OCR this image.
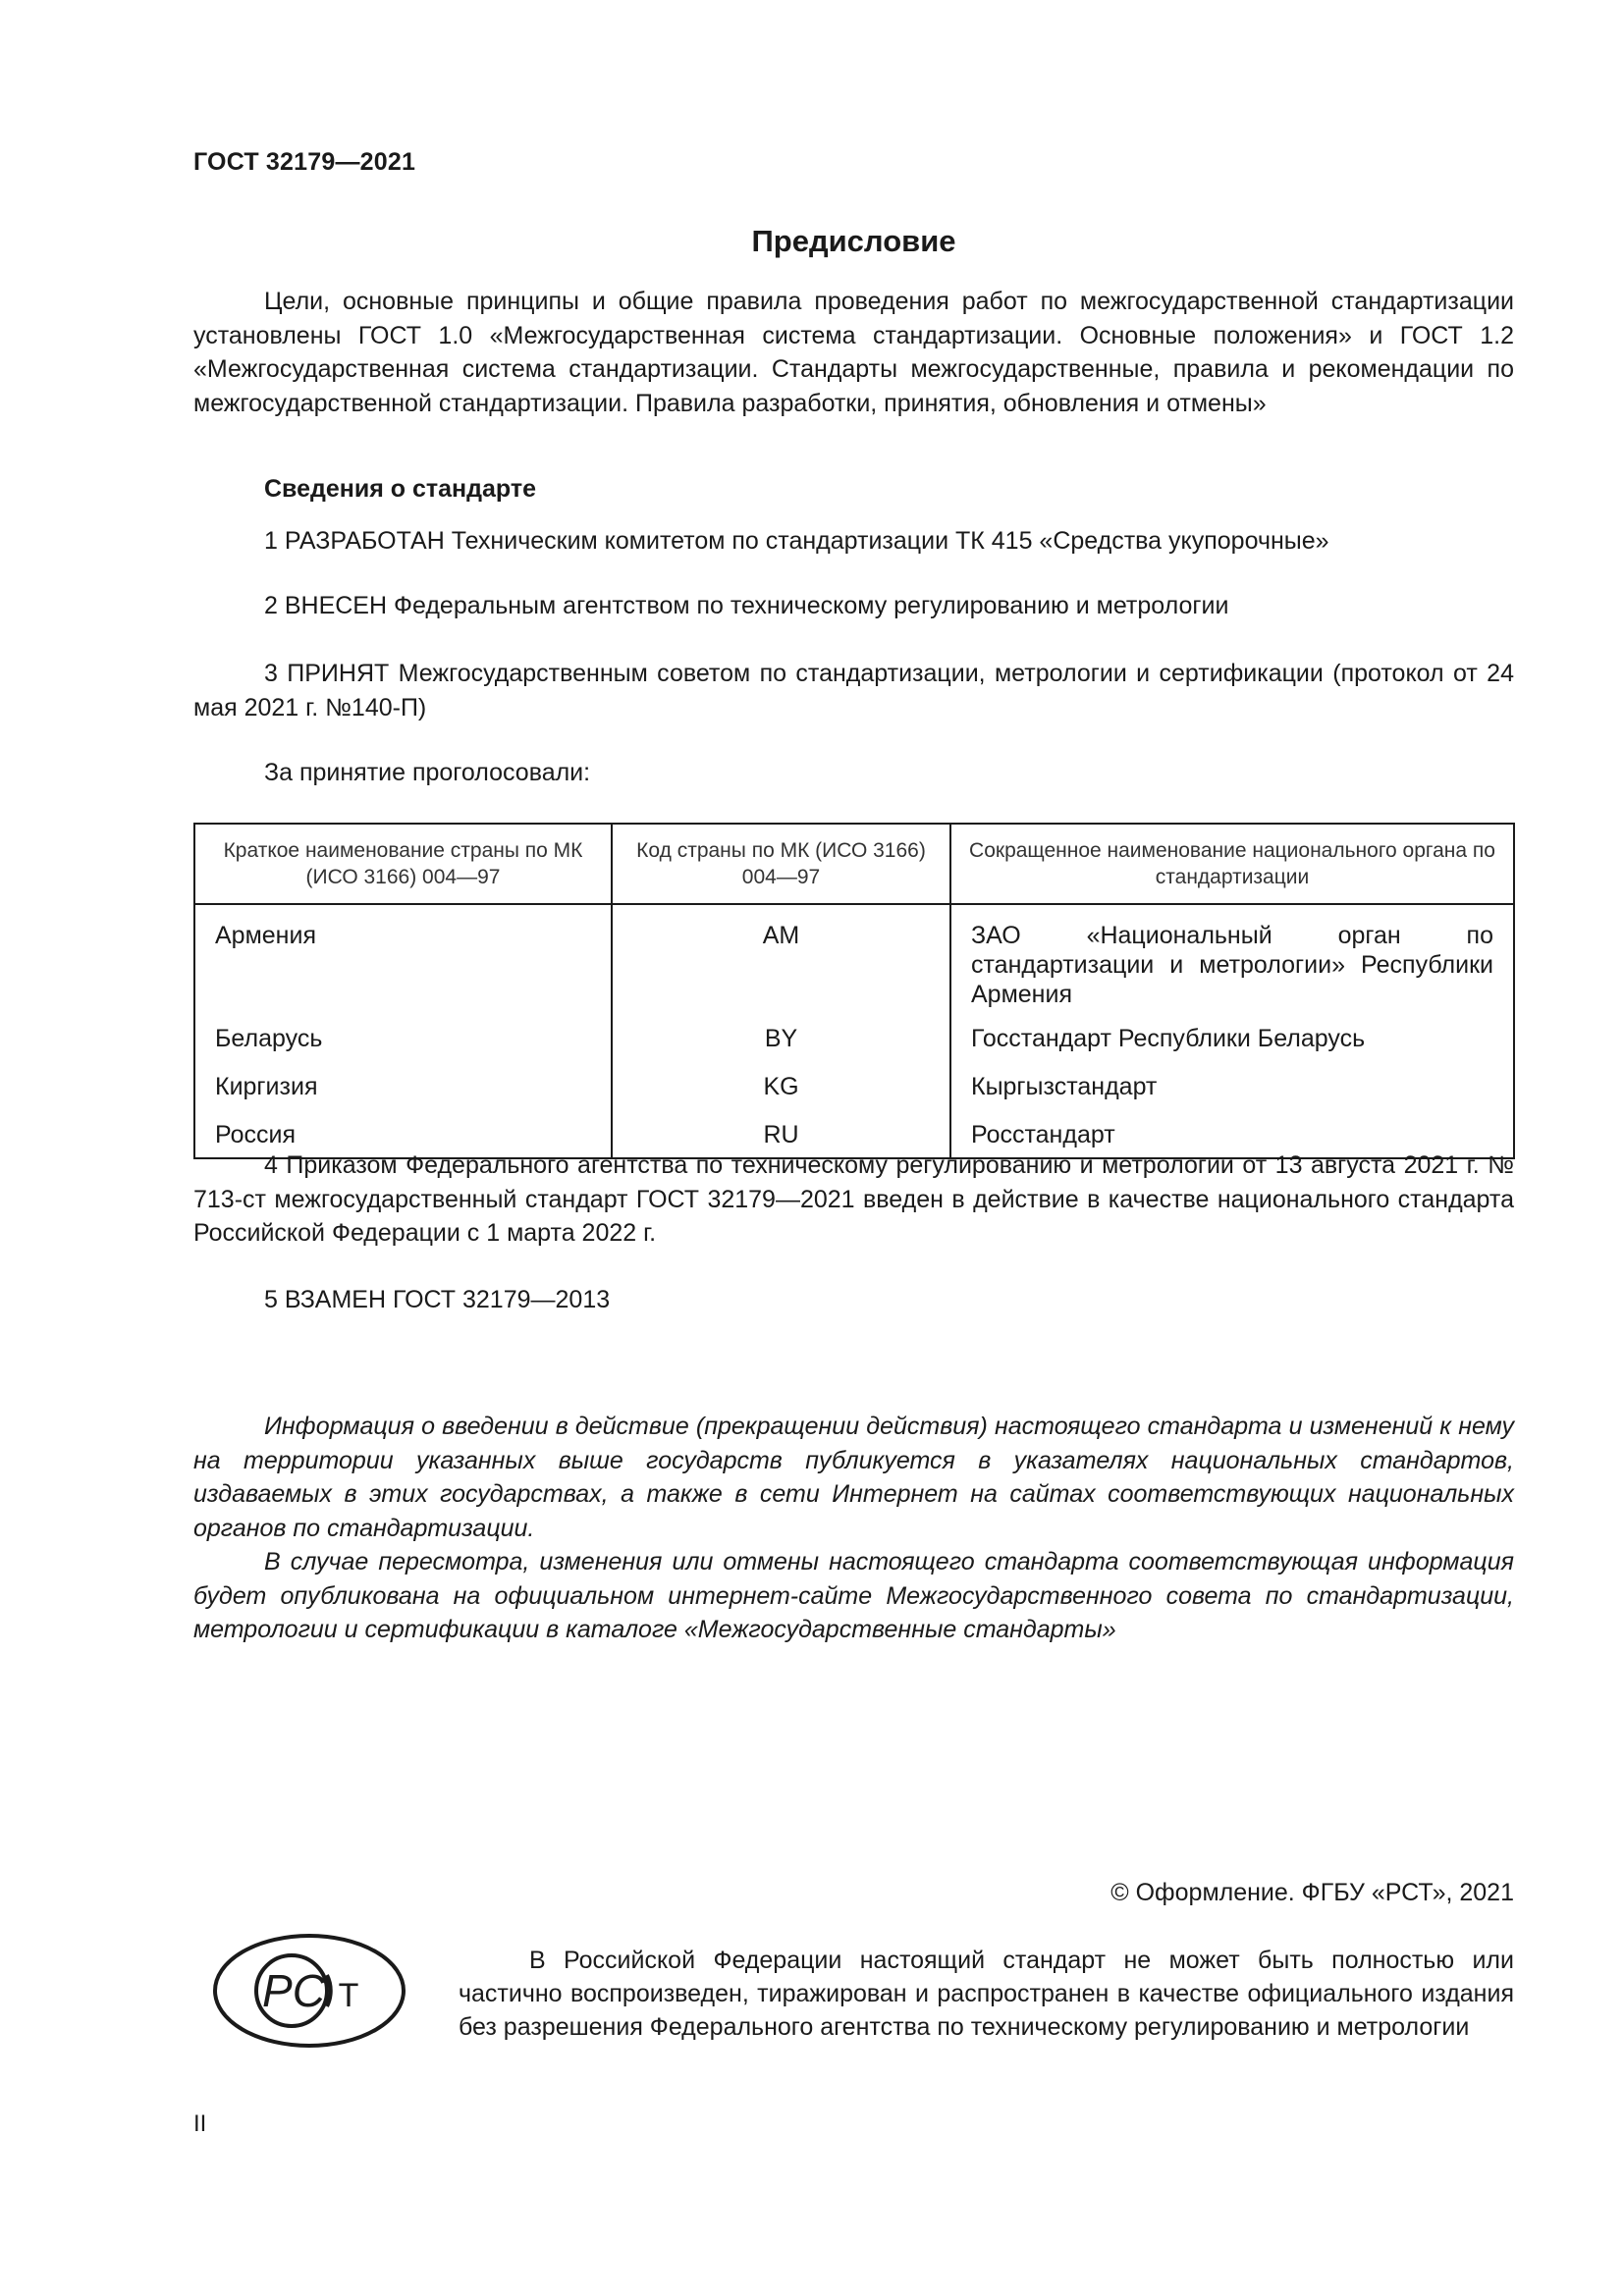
ГОСТ 32179—2021
Предисловие
Цели, основные принципы и общие правила проведения работ по межгосударственной стандартизации установлены ГОСТ 1.0 «Межгосударственная система стандартизации. Основные положения» и ГОСТ 1.2 «Межгосударственная система стандартизации. Стандарты межгосударственные, правила и рекомендации по межгосударственной стандартизации. Правила разработки, принятия, обновления и отмены»
Сведения о стандарте
1 РАЗРАБОТАН Техническим комитетом по стандартизации ТК 415 «Средства укупорочные»
2 ВНЕСЕН Федеральным агентством по техническому регулированию и метрологии
3 ПРИНЯТ Межгосударственным советом по стандартизации, метрологии и сертификации (протокол от 24 мая 2021 г. №140-П)
За принятие проголосовали:
Краткое наименование страны по МК (ИСО 3166) 004—97	Код страны по МК (ИСО 3166) 004—97	Сокращенное наименование национального органа по стандартизации
Армения	AM	ЗАО «Национальный орган по стандартизации и метрологии» Республики Армения
Беларусь	BY	Госстандарт Республики Беларусь
Киргизия	KG	Кыргызстандарт
Россия	RU	Росстандарт
4 Приказом Федерального агентства по техническому регулированию и метрологии от 13 августа 2021 г. № 713-ст межгосударственный стандарт ГОСТ 32179—2021 введен в действие в качестве национального стандарта Российской Федерации с 1 марта 2022 г.
5 ВЗАМЕН ГОСТ 32179—2013
Информация о введении в действие (прекращении действия) настоящего стандарта и изменений к нему на территории указанных выше государств публикуется в указателях национальных стандартов, издаваемых в этих государствах, а также в сети Интернет на сайтах соответствующих национальных органов по стандартизации.
В случае пересмотра, изменения или отмены настоящего стандарта соответствующая информация будет опубликована на официальном интернет-сайте Межгосударственного совета по стандартизации, метрологии и сертификации в каталоге «Межгосударственные стандарты»
© Оформление. ФГБУ «РСТ», 2021
РС Т
В Российской Федерации настоящий стандарт не может быть полностью или частично воспроизведен, тиражирован и распространен в качестве официального издания без разрешения Федерального агентства по техническому регулированию и метрологии
II
